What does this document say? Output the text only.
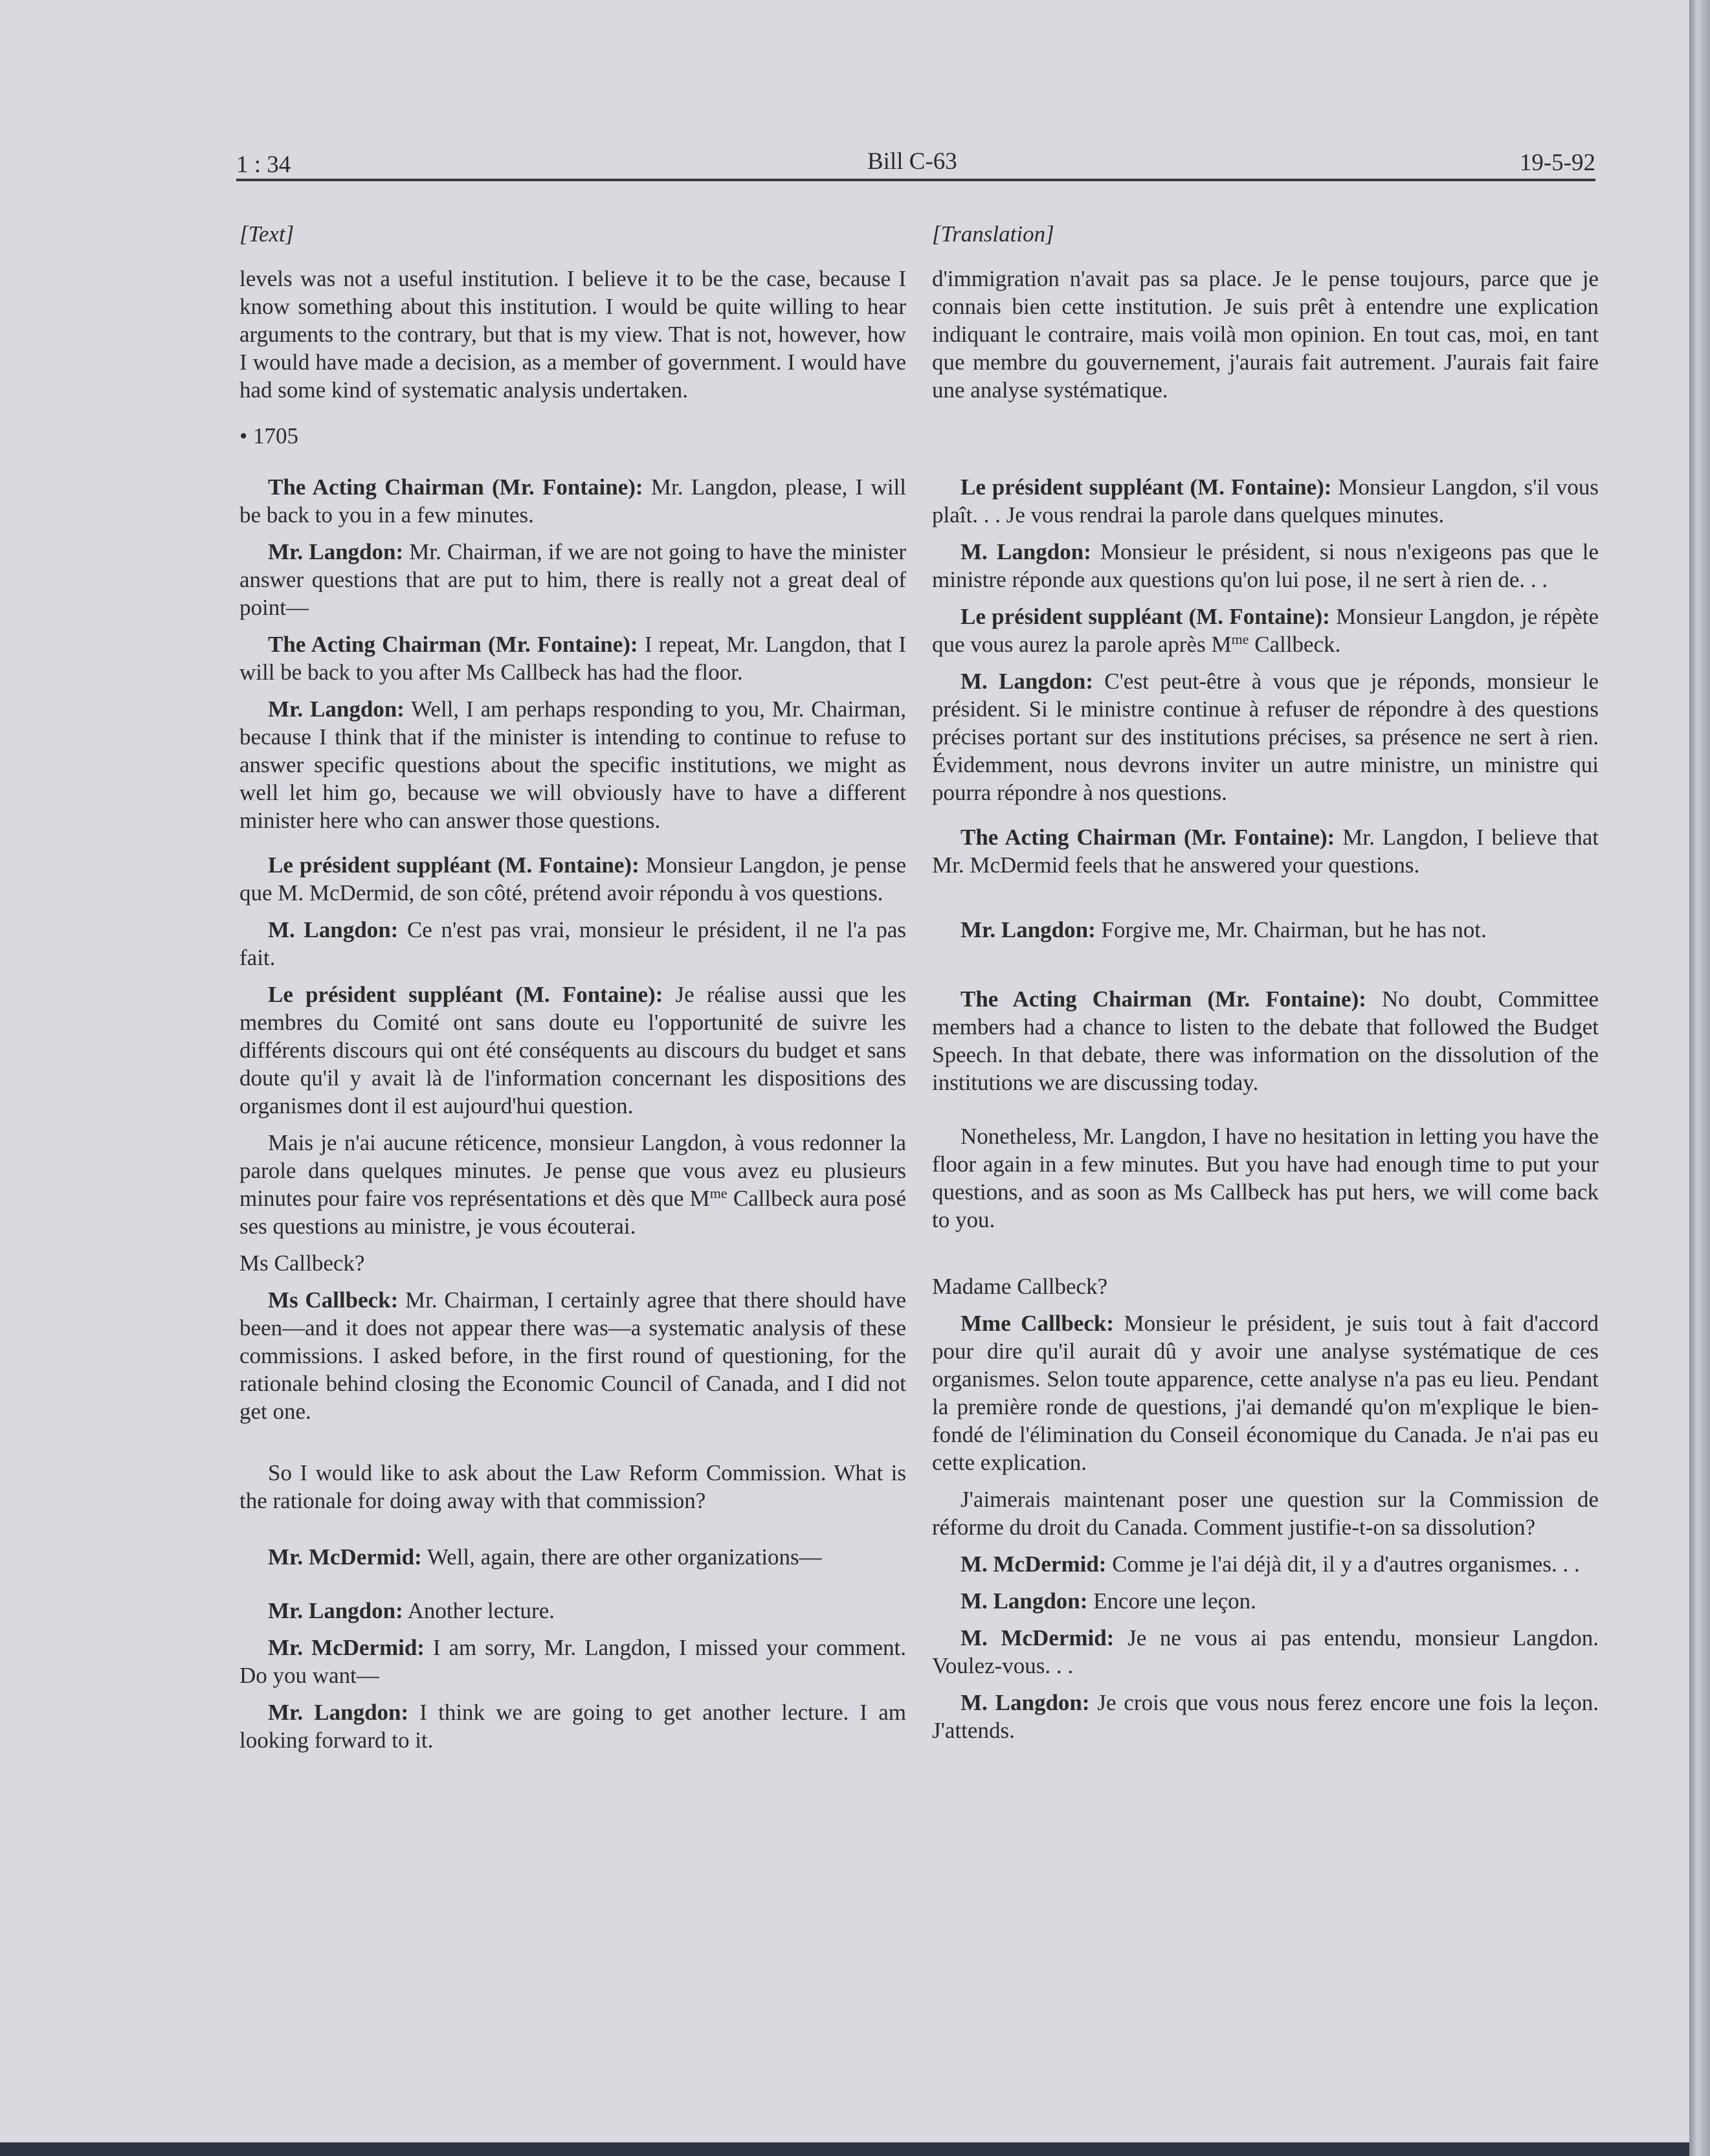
1 : 34	Bill C-63	19-5-92
[Text]

levels was not a useful institution. I believe it to be the case, because I know something about this institution. I would be quite willing to hear arguments to the contrary, but that is my view. That is not, however, how I would have made a decision, as a member of government. I would have had some kind of systematic analysis undertaken.

• 1705

The Acting Chairman (Mr. Fontaine): Mr. Langdon, please, I will be back to you in a few minutes.

Mr. Langdon: Mr. Chairman, if we are not going to have the minister answer questions that are put to him, there is really not a great deal of point—

The Acting Chairman (Mr. Fontaine): I repeat, Mr. Langdon, that I will be back to you after Ms Callbeck has had the floor.

Mr. Langdon: Well, I am perhaps responding to you, Mr. Chairman, because I think that if the minister is intending to continue to refuse to answer specific questions about the specific institutions, we might as well let him go, because we will obviously have to have a different minister here who can answer those questions.

Le président suppléant (M. Fontaine): Monsieur Langdon, je pense que M. McDermid, de son côté, prétend avoir répondu à vos questions.

M. Langdon: Ce n'est pas vrai, monsieur le président, il ne l'a pas fait.

Le président suppléant (M. Fontaine): Je réalise aussi que les membres du Comité ont sans doute eu l'opportunité de suivre les différents discours qui ont été conséquents au discours du budget et sans doute qu'il y avait là de l'information concernant les dispositions des organismes dont il est aujourd'hui question.

Mais je n'ai aucune réticence, monsieur Langdon, à vous redonner la parole dans quelques minutes. Je pense que vous avez eu plusieurs minutes pour faire vos représentations et dès que $M^{me}$ Callbeck aura posé ses questions au ministre, je vous écouterai.

Ms Callbeck?

Ms Callbeck: Mr. Chairman, I certainly agree that there should have been—and it does not appear there was—a systematic analysis of these commissions. I asked before, in the first round of questioning, for the rationale behind closing the Economic Council of Canada, and I did not get one.

So I would like to ask about the Law Reform Commission. What is the rationale for doing away with that commission?

Mr. McDermid: Well, again, there are other organizations—

Mr. Langdon: Another lecture.

Mr. McDermid: I am sorry, Mr. Langdon, I missed your comment. Do you want—

Mr. Langdon: I think we are going to get another lecture. I am looking forward to it.

[Translation]

d'immigration n'avait pas sa place. Je le pense toujours, parce que je connais bien cette institution. Je suis prêt à entendre une explication indiquant le contraire, mais voilà mon opinion. En tout cas, moi, en tant que membre du gouvernement, j'aurais fait autrement. J'aurais fait faire une analyse systématique.

Le président suppléant (M. Fontaine): Monsieur Langdon, s'il vous plaît. . . Je vous rendrai la parole dans quelques minutes.

M. Langdon: Monsieur le président, si nous n'exigeons pas que le ministre réponde aux questions qu'on lui pose, il ne sert à rien de. . .

Le président suppléant (M. Fontaine): Monsieur Langdon, je répète que vous aurez la parole après $M^{me}$ Callbeck.

M. Langdon: C'est peut-être à vous que je réponds, monsieur le président. Si le ministre continue à refuser de répondre à des questions précises portant sur des institutions précises, sa présence ne sert à rien. Évidemment, nous devrons inviter un autre ministre, un ministre qui pourra répondre à nos questions.

The Acting Chairman (Mr. Fontaine): Mr. Langdon, I believe that Mr. McDermid feels that he answered your questions.

Mr. Langdon: Forgive me, Mr. Chairman, but he has not.

The Acting Chairman (Mr. Fontaine): No doubt, Committee members had a chance to listen to the debate that followed the Budget Speech. In that debate, there was information on the dissolution of the institutions we are discussing today.

Nonetheless, Mr. Langdon, I have no hesitation in letting you have the floor again in a few minutes. But you have had enough time to put your questions, and as soon as Ms Callbeck has put hers, we will come back to you.

Madame Callbeck?

Mme Callbeck: Monsieur le président, je suis tout à fait d'accord pour dire qu'il aurait dû y avoir une analyse systématique de ces organismes. Selon toute apparence, cette analyse n'a pas eu lieu. Pendant la première ronde de questions, j'ai demandé qu'on m'explique le bien-fondé de l'élimination du Conseil économique du Canada. Je n'ai pas eu cette explication.

J'aimerais maintenant poser une question sur la Commission de réforme du droit du Canada. Comment justifie-t-on sa dissolution?

M. McDermid: Comme je l'ai déjà dit, il y a d'autres organismes. . .

M. Langdon: Encore une leçon.

M. McDermid: Je ne vous ai pas entendu, monsieur Langdon. Voulez-vous. . .

M. Langdon: Je crois que vous nous ferez encore une fois la leçon. J'attends.
